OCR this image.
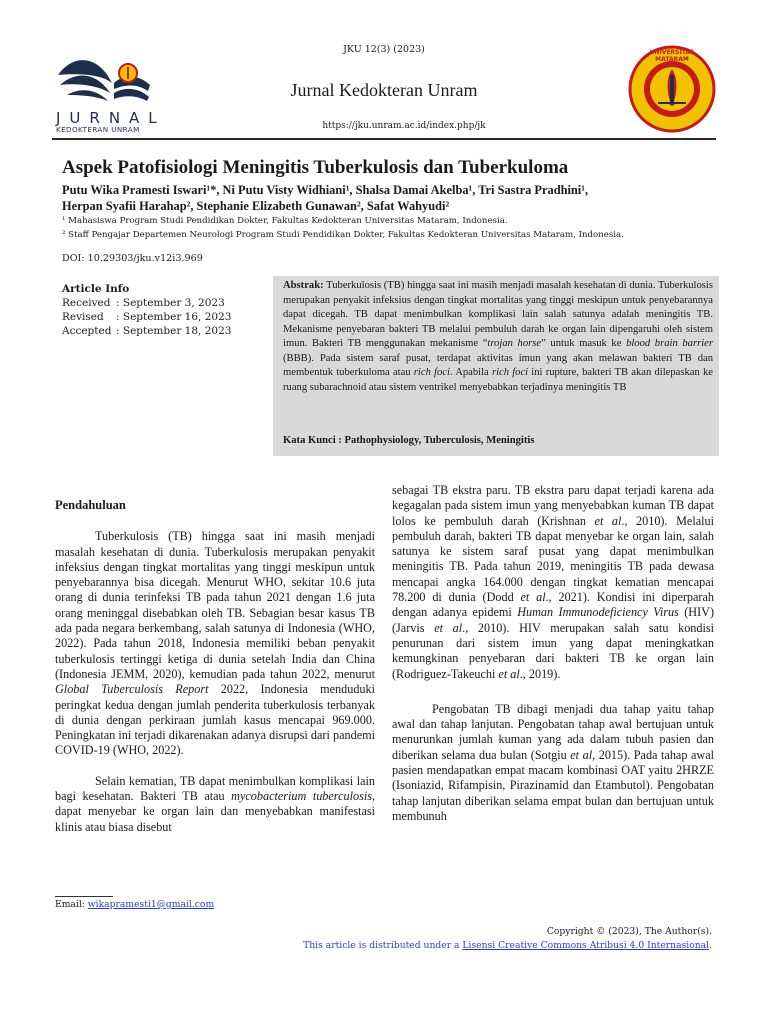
JURNAL
KEDOKTERAN UNRAM
JKU 12(3) (2023)
Jurnal Kedokteran Unram
https://jku.unram.ac.id/index.php/jk
UNIVERSITAS MATARAM
Aspek Patofisiologi Meningitis Tuberkulosis dan Tuberkuloma
Putu Wika Pramesti Iswari¹*, Ni Putu Visty Widhiani¹, Shalsa Damai Akelba¹, Tri Sastra Pradhini¹,
Herpan Syafii Harahap², Stephanie Elizabeth Gunawan², Safat Wahyudi²
¹ Mahasiswa Program Studi Pendidikan Dokter, Fakultas Kedokteran Universitas Mataram, Indonesia.
² Staff Pengajar Departemen Neurologi Program Studi Pendidikan Dokter, Fakultas Kedokteran Universitas Mataram, Indonesia.
DOI: 10.29303/jku.v12i3.969
Article Info
Received : September 3, 2023
Revised : September 16, 2023
Accepted : September 18, 2023
Abstrak: Tuberkulosis (TB) hingga saat ini masih menjadi masalah kesehatan di dunia. Tuberkulosis merupakan penyakit infeksius dengan tingkat mortalitas yang tinggi meskipun untuk penyebarannya dapat dicegah. TB dapat menimbulkan komplikasi lain salah satunya adalah meningitis TB. Mekanisme penyebaran bakteri TB melalui pembuluh darah ke organ lain dipengaruhi oleh sistem imun. Bakteri TB menggunakan mekanisme “trojan horse” untuk masuk ke blood brain barrier (BBB). Pada sistem saraf pusat, terdapat aktivitas imun yang akan melawan bakteri TB dan membentuk tuberkuloma atau rich foci. Apabila rich foci ini rupture, bakteri TB akan dilepaskan ke ruang subarachnoid atau sistem ventrikel menyebabkan terjadinya meningitis TB
Kata Kunci : Pathophysiology, Tuberculosis, Meningitis
Pendahuluan

Tuberkulosis (TB) hingga saat ini masih menjadi masalah kesehatan di dunia. Tuberkulosis merupakan penyakit infeksius dengan tingkat mortalitas yang tinggi meskipun untuk penyebarannya bisa dicegah. Menurut WHO, sekitar 10.6 juta orang di dunia terinfeksi TB pada tahun 2021 dengan 1.6 juta orang meninggal disebabkan oleh TB. Sebagian besar kasus TB ada pada negara berkembang, salah satunya di Indonesia (WHO, 2022). Pada tahun 2018, Indonesia memiliki beban penyakit tuberkulosis tertinggi ketiga di dunia setelah India dan China (Indonesia JEMM, 2020), kemudian pada tahun 2022, menurut Global Tuberculosis Report 2022, Indonesia menduduki peringkat kedua dengan jumlah penderita tuberkulosis terbanyak di dunia dengan perkiraan jumlah kasus mencapai 969.000. Peningkatan ini terjadi dikarenakan adanya disrupsi dari pandemi COVID-19 (WHO, 2022).

Selain kematian, TB dapat menimbulkan komplikasi lain bagi kesehatan. Bakteri TB atau mycobacterium tuberculosis, dapat menyebar ke organ lain dan menyebabkan manifestasi klinis atau biasa disebut

sebagai TB ekstra paru. TB ekstra paru dapat terjadi karena ada kegagalan pada sistem imun yang menyebabkan kuman TB dapat lolos ke pembuluh darah (Krishnan et al., 2010). Melalui pembuluh darah, bakteri TB dapat menyebar ke organ lain, salah satunya ke sistem saraf pusat yang dapat menimbulkan meningitis TB. Pada tahun 2019, meningitis TB pada dewasa mencapai angka 164.000 dengan tingkat kematian mencapai 78.200 di dunia (Dodd et al., 2021). Kondisi ini diperparah dengan adanya epidemi Human Immunodeficiency Virus (HIV) (Jarvis et al., 2010). HIV merupakan salah satu kondisi penurunan dari sistem imun yang dapat meningkatkan kemungkinan penyebaran dari bakteri TB ke organ lain (Rodriguez-Takeuchi et al., 2019).

Pengobatan TB dibagi menjadi dua tahap yaitu tahap awal dan tahap lanjutan. Pengobatan tahap awal bertujuan untuk menurunkan jumlah kuman yang ada dalam tubuh pasien dan diberikan selama dua bulan (Sotgiu et al, 2015). Pada tahap awal pasien mendapatkan empat macam kombinasi OAT yaitu 2HRZE (Isoniazid, Rifampisin, Pirazinamid dan Etambutol). Pengobatan tahap lanjutan diberikan selama empat bulan dan bertujuan untuk membunuh

Email: wikapramesti1@gmail.com
Copyright © (2023), The Author(s).
This article is distributed under a Lisensi Creative Commons Atribusi 4.0 Internasional.
